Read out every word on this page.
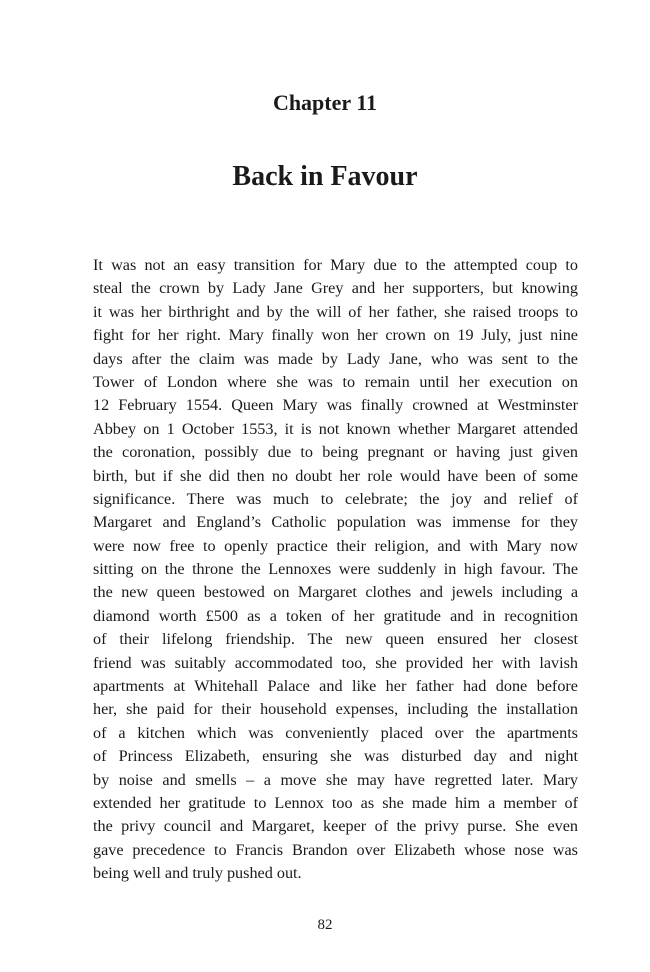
Chapter 11
Back in Favour
It was not an easy transition for Mary due to the attempted coup to
steal the crown by Lady Jane Grey and her supporters, but knowing
it was her birthright and by the will of her father, she raised troops to
fight for her right. Mary finally won her crown on 19 July, just nine
days after the claim was made by Lady Jane, who was sent to the
Tower of London where she was to remain until her execution on
12 February 1554. Queen Mary was finally crowned at Westminster
Abbey on 1 October 1553, it is not known whether Margaret attended
the coronation, possibly due to being pregnant or having just given
birth, but if she did then no doubt her role would have been of some
significance. There was much to celebrate; the joy and relief of
Margaret and England’s Catholic population was immense for they
were now free to openly practice their religion, and with Mary now
sitting on the throne the Lennoxes were suddenly in high favour. The
the new queen bestowed on Margaret clothes and jewels including a
diamond worth £500 as a token of her gratitude and in recognition
of their lifelong friendship. The new queen ensured her closest
friend was suitably accommodated too, she provided her with lavish
apartments at Whitehall Palace and like her father had done before
her, she paid for their household expenses, including the installation
of a kitchen which was conveniently placed over the apartments
of Princess Elizabeth, ensuring she was disturbed day and night
by noise and smells – a move she may have regretted later. Mary
extended her gratitude to Lennox too as she made him a member of
the privy council and Margaret, keeper of the privy purse. She even
gave precedence to Francis Brandon over Elizabeth whose nose was
being well and truly pushed out.
82
